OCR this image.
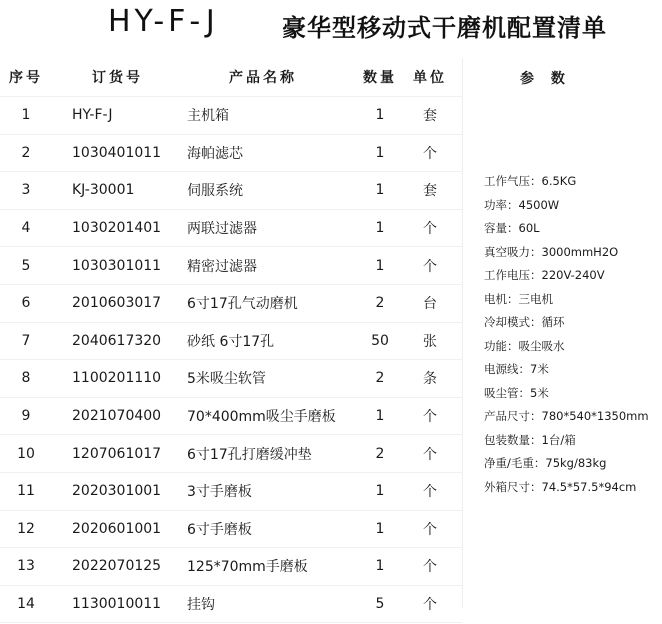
HY-F-J	豪华型移动式干磨机配置清单
序号	订货号	产品名称	数量	单位
1	HY-F-J	主机箱	1	套
2	1030401011	海帕滤芯	1	个
3	KJ-30001	伺服系统	1	套
4	1030201401	两联过滤器	1	个
5	1030301011	精密过滤器	1	个
6	2010603017	6寸17孔气动磨机	2	台
7	2040617320	砂纸 6寸17孔	50	张
8	1100201110	5米吸尘软管	2	条
9	2021070400	70*400mm吸尘手磨板	1	个
10	1207061017	6寸17孔打磨缓冲垫	2	个
11	2020301001	3寸手磨板	1	个
12	2020601001	6寸手磨板	1	个
13	2022070125	125*70mm手磨板	1	个
14	1130010011	挂钩	5	个
参 数
工作气压：6.5KG
功率：4500W
容量：60L
真空吸力：3000mmH2O
工作电压：220V-240V
电机：三电机
冷却模式：循环
功能：吸尘吸水
电源线：7米
吸尘管：5米
产品尺寸：780*540*1350mm
包装数量：1台/箱
净重/毛重：75kg/83kg
外箱尺寸：74.5*57.5*94cm
